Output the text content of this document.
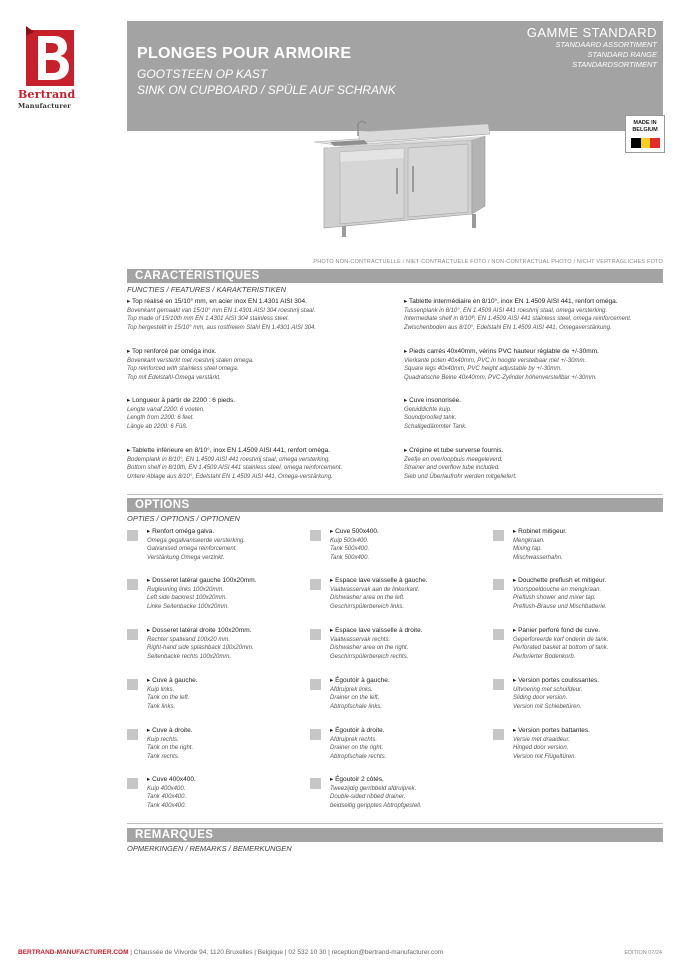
Bertrand
Manufacturer
PLONGES POUR ARMOIRE
GOOTSTEEN OP KAST
SINK ON CUPBOARD / SPÜLE AUF SCHRANK
GAMME STANDARD
STANDAARD ASSORTIMENT
STANDARD RANGE
STANDARDSORTIMENT
MADE IN
BELGIUM
PHOTO NON-CONTRACTUELLE / NIET-CONTRACTUELE FOTO / NON-CONTRACTUAL PHOTO / NICHT VERTRAGLICHES FOTO
CARACTÉRISTIQUES
FUNCTIES / FEATURES / KARAKTERISTIKEN
▸ Top réalisé en 15/10° mm, en acier inox EN 1.4301 AISI 304.
Bovenkant gemaakt van 15/10° mm EN 1.4301 AISI 304 roestvrij staal.
Top made of 15/10th mm EN 1.4301 AISI 304 stainless steel.
Top hergestellt in 15/10° mm, aus rostfreiem Stahl EN 1.4301 AISI 304.
▸ Top renforcé par oméga inox.
Bovenkant versterkt met roestvrij stalen omega.
Top reinforced with stainless steel omega.
Top mit Edelstahl-Omega verstärkt.
▸ Longueur à partir de 2200 : 6 pieds.
Lengte vanaf 2200: 6 voeten.
Length from 2200: 6 feet.
Länge ab 2200: 6 Füß.
▸ Tablette inférieure en 8/10°, inox EN 1.4509 AISI 441, renfort oméga.
Bodemplank in 8/10°, EN 1.4509 AISI 441 roestvrij staal, omega versterking.
Bottom shelf in 8/10th, EN 1.4509 AISI 441 stainless steel, omega reinforcement.
Untere Ablage aus 8/10°, Edelstahl EN 1.4509 AISI 441, Omega-verstärkung.
▸ Tablette intermédiaire en 8/10°, inox EN 1.4509 AISI 441, renfort oméga.
Tussenplank in 8/10°, EN 1.4509 AISI 441 roestvrij staal, omega versterking.
Intermediate shelf in 8/10ᵗʰ, EN 1.4509 AISI 441 stainless steel, omega reinforcement.
Zwischenboden aus 8/10°, Edelstahl EN 1.4509 AISI 441, Omegaverstärkung.
▸ Pieds carrés 40x40mm, vérins PVC hauteur réglable de +/-30mm.
Vierkante poten 40x40mm, PVC in hoogte verstelbaar met +/-30mm.
Square legs 40x40mm, PVC height adjustable by +/-30mm.
Quadratische Beine 40x40mm, PVC-Zylinder höhenverstellbar +/-30mm.
▸ Cuve insonorisée.
Geluiddichte kuip.
Soundproofed tank.
Schallgedämmter Tank.
▸ Crépine et tube surverse fournis.
Zeefje en overloopbuis meegeleverd.
Strainer and overflow tube included.
Sieb und Überlaufrohr werden mitgeliefert.
OPTIONS
OPTIES / OPTIONS / OPTIONEN
▸ Renfort oméga galva.
Omega gegalvaniseerde versterking.
Galvanised omega reinforcement.
Verstärkung Omega verzinkt.
▸ Cuve 500x400.
Kuip 500x400.
Tank 500x400.
Tank 500x400.
▸ Robinet mitigeur.
Mengkraan.
Mixing tap.
Mischwasserhahn.
▸ Dosseret latéral gauche 100x20mm.
Rugleuning links 100x20mm.
Left side backrest 100x20mm.
Linke Seitenbacke 100x20mm.
▸ Espace lave vaisselle à gauche.
Vaatwasservak aan de linkerkant.
Dishwasher area on the left.
Geschirrspülerbereich links.
▸ Douchette preflush et mitigeur.
Voorspoeldouche en mengkraan.
Preflush shower and mixer tap.
Preflush-Brause und Mischbatterie.
▸ Dosseret latéral droite 100x20mm.
Rechter spatwand 100x20 mm.
Right-hand side splashback 100x20mm.
Seitenbacke rechts 100x20mm.
▸ Espace lave vaisselle à droite.
Vaatwasservak rechts.
Dishwasher area on the right.
Geschirrspülerbereich rechts.
▸ Panier perforé fond de cuve.
Geperforeerde korf onderin de tank.
Perforated basket at bottom of tank.
Perforierter Bodenkorb.
▸ Cuve à gauche.
Kuip links.
Tank on the left.
Tank links.
▸ Égoutoir à gauche.
Afdruiprek links.
Drainer on the left.
Abtropfschale links.
▸ Version portes coulissantes.
Uitvoering met schuifdeur.
Sliding door version.
Version mit Schiebetüren.
▸ Cuve à droite.
Kuip rechts.
Tank on the right.
Tank rechts.
▸ Égoutoir à droite.
Afdruiprek rechts.
Drainer on the right.
Abtropfschale rechts.
▸ Version portes battantes.
Versie met draaideur.
Hinged door version.
Version mit Flügeltüren.
▸ Cuve 400x400.
Kuip 400x400.
Tank 400x400.
Tank 400x400.
▸ Égoutoir 2 côtés.
Tweezijdig gerribbeld afdruiprek.
Double-sided ribbed drainer.
beidseitig geripptes Abtropfgestell.
REMARQUES
OPMERKINGEN / REMARKS / BEMERKUNGEN
BERTRAND-MANUFACTURER.COM | Chaussée de Vilvorde 94, 1120 Bruxelles | Belgique | 02 532 10 30 | reception@bertrand-manufacturer.com	EDITION 07/24
